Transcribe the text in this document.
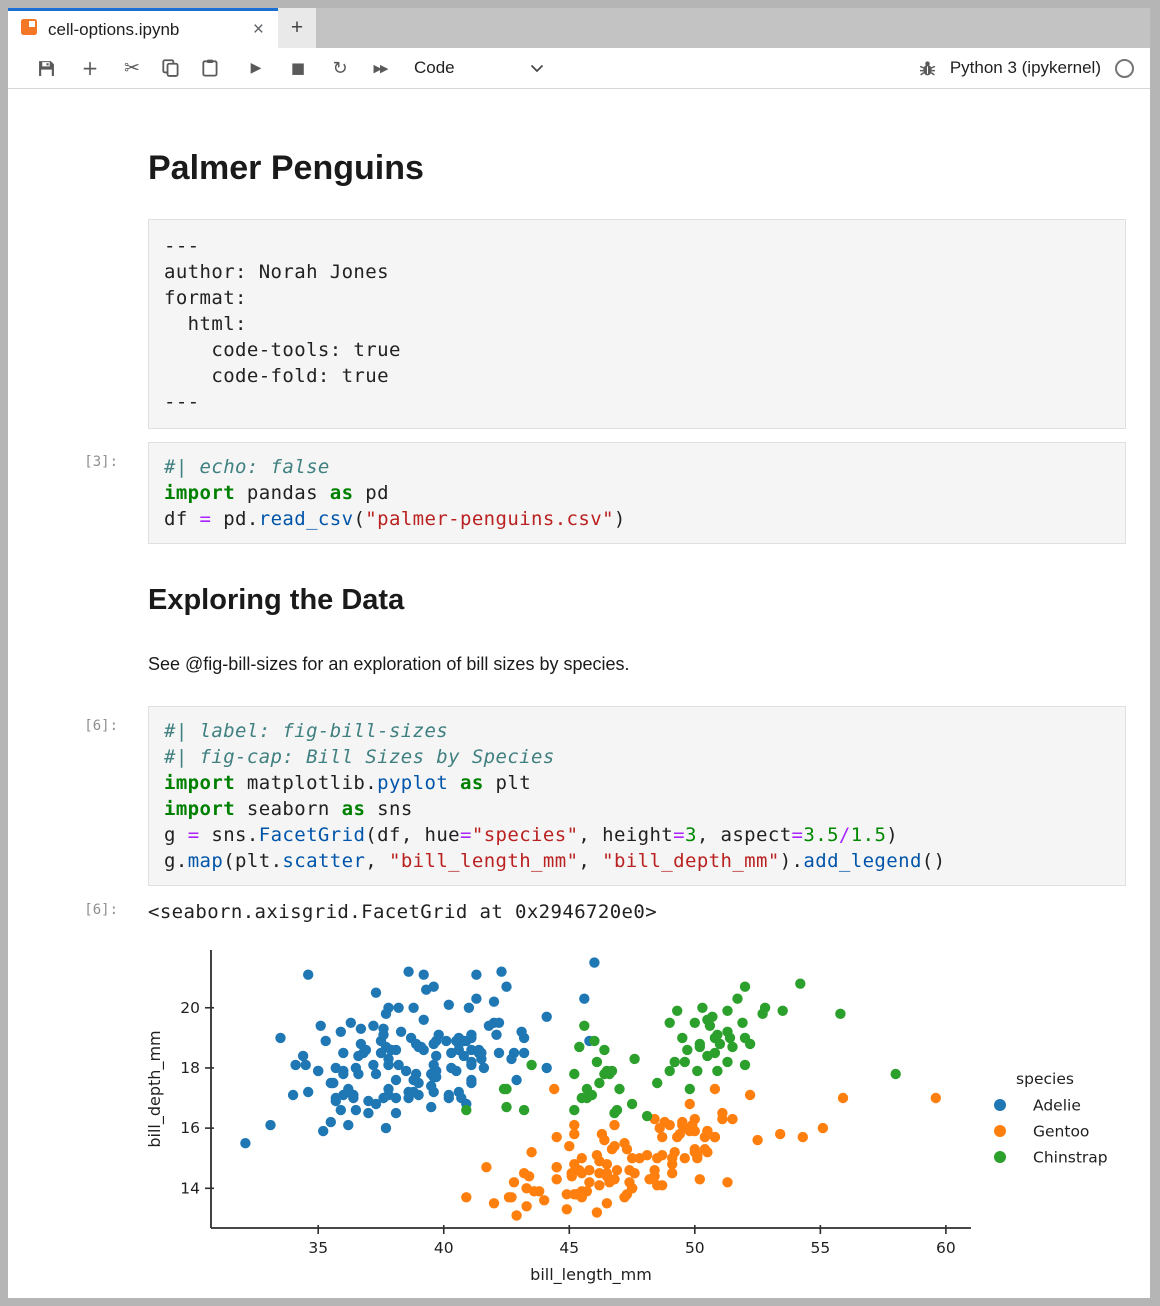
cell-options.ipynb	× +
+ ✂	▶ ■ ↻ ▶▶ Code	Python 3 (ipykernel)
Palmer Penguins
---
author: Norah Jones
format:
html:
code-tools: true
code-fold: true
---
[3]: #| echo: false
import pandas as pd
df = pd.read_csv("palmer-penguins.csv")
Exploring the Data

See @fig-bill-sizes for an exploration of bill sizes by species.

[6]: #| label: fig-bill-sizes
#| fig-cap: Bill Sizes by Species
import matplotlib.pyplot as plt
import seaborn as sns
g = sns.FacetGrid(df, hue="species", height=3, aspect=3.5/1.5)
g.map(plt.scatter, "bill_length_mm", "bill_depth_mm").add_legend()
[6]: <seaborn.axisgrid.FacetGrid at 0x2946720e0>
35	40	45	50	55	60
14
16
18
20
bill_length_mm
bill_depth_mm	species
Adelie
Gentoo
Chinstrap
